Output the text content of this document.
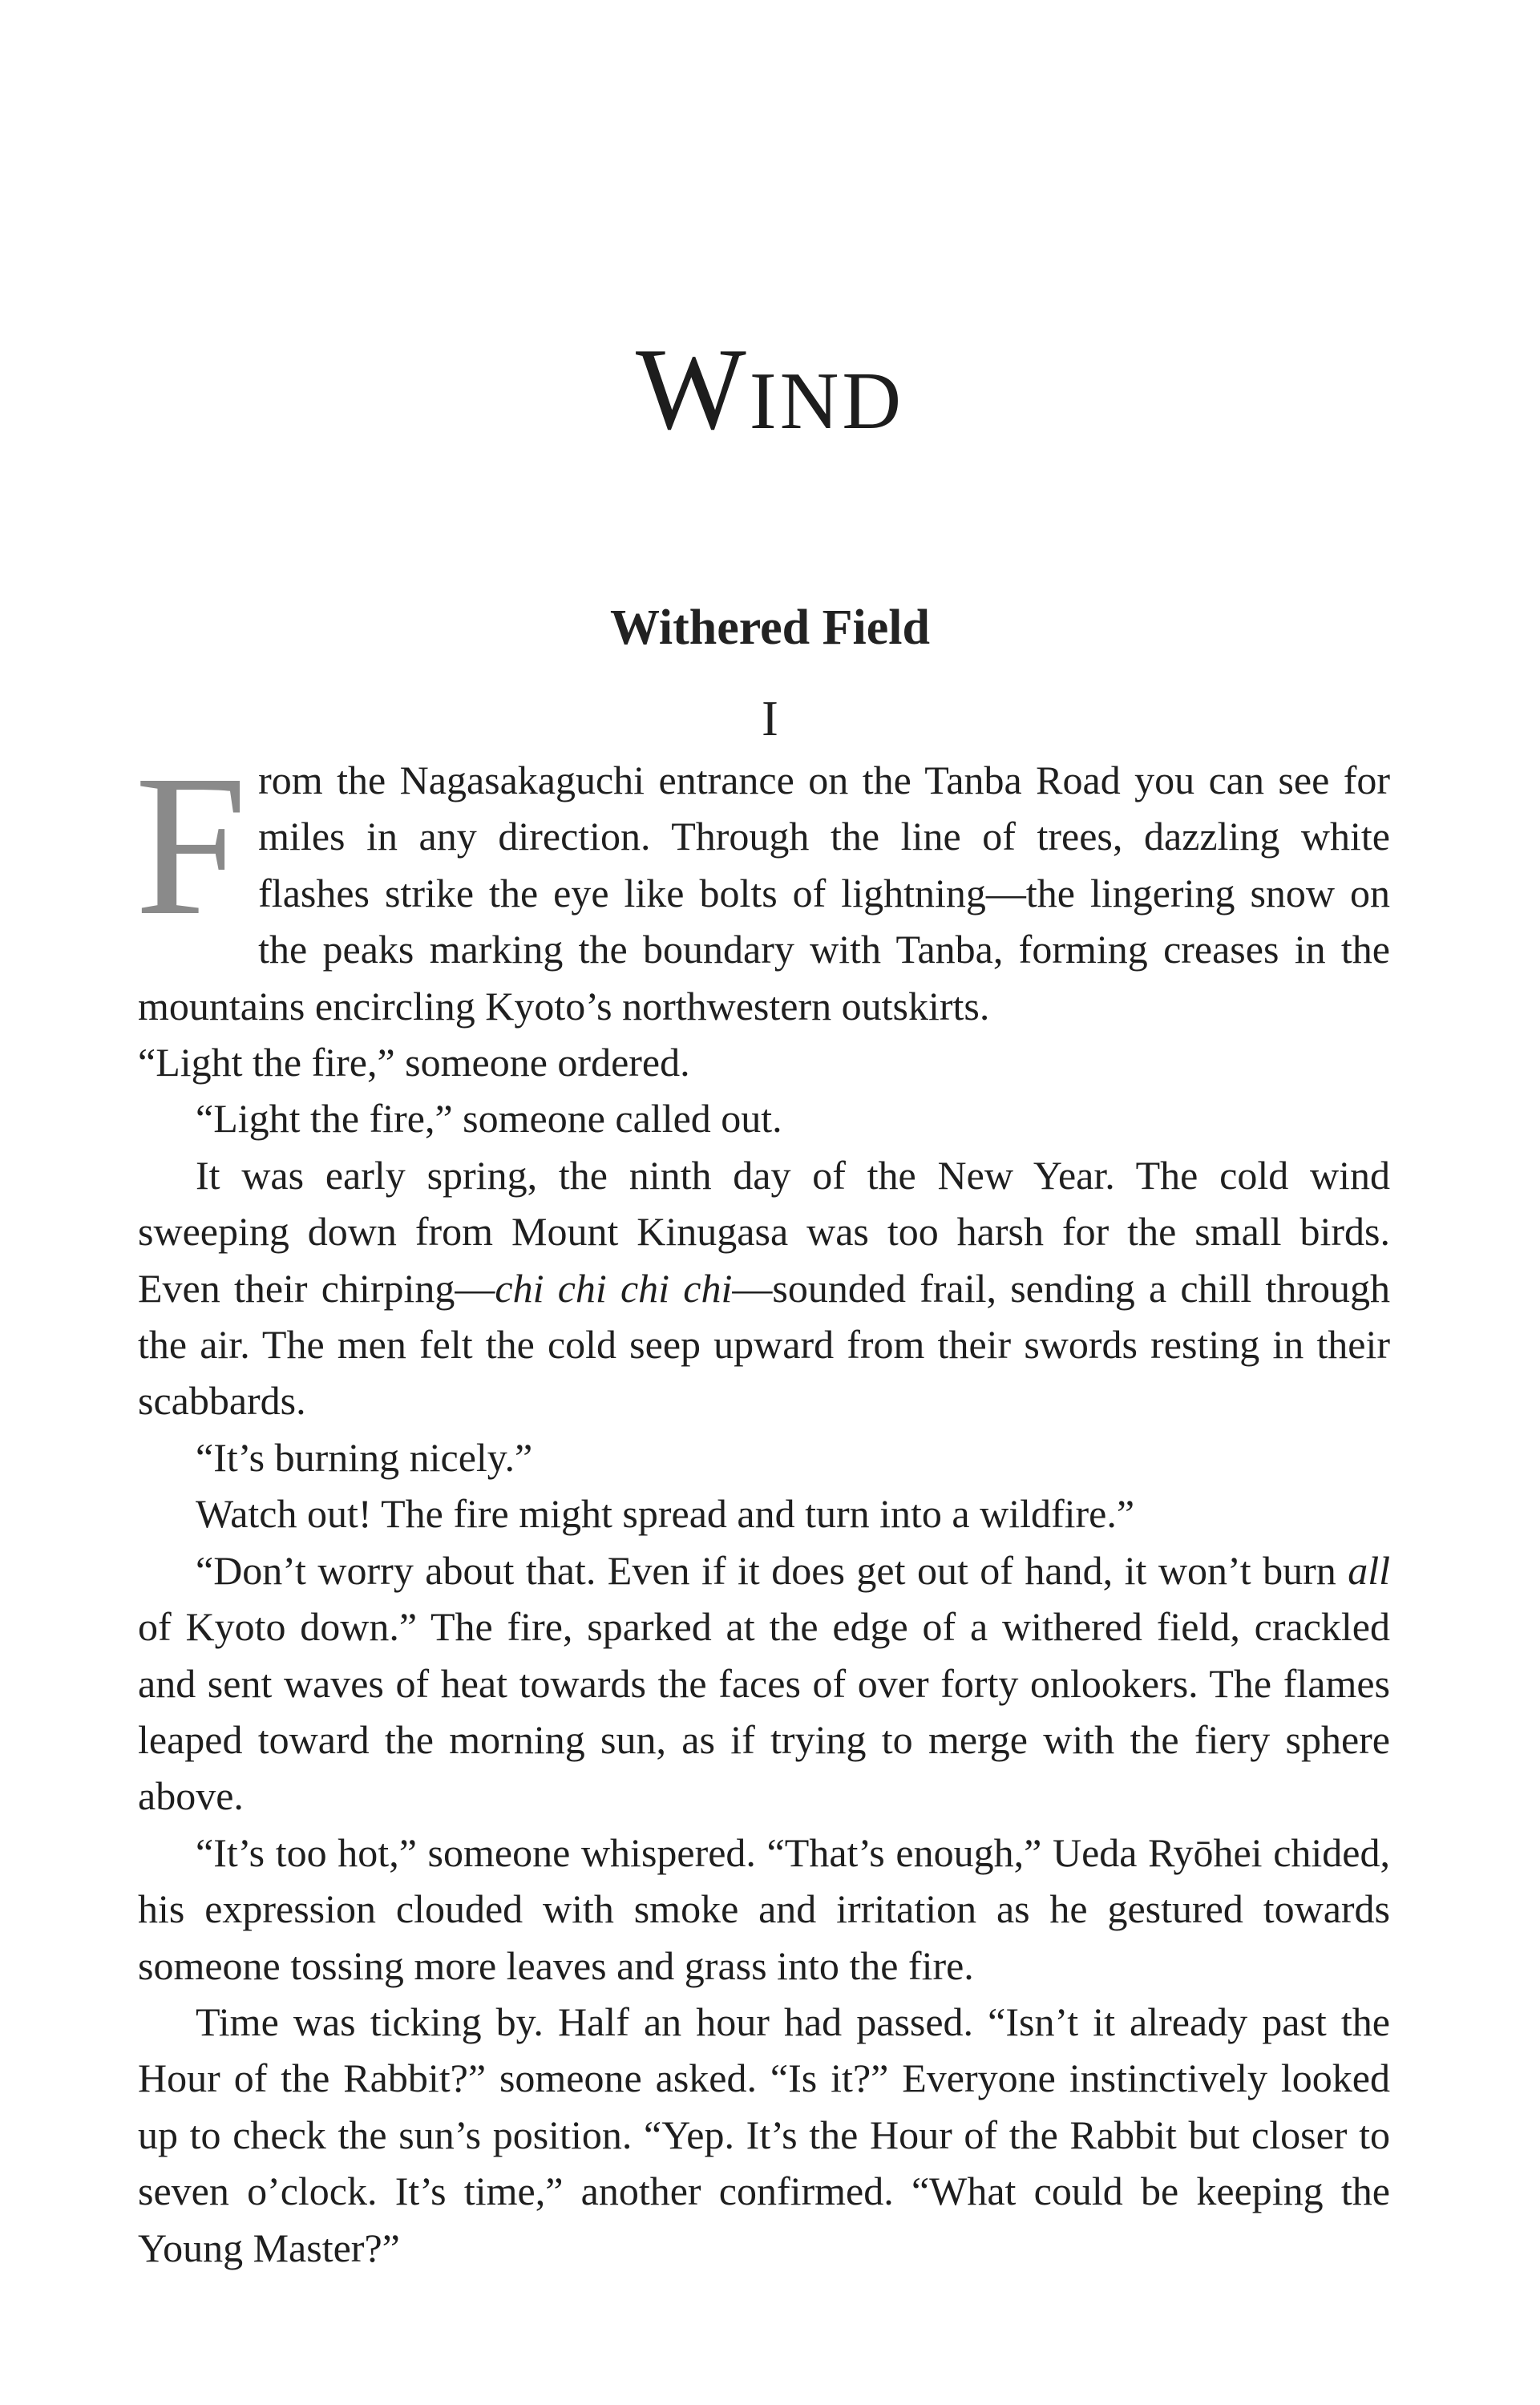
Wind
Withered Field
I

From the Nagasakaguchi entrance on the Tanba Road you can see for miles in any direction. Through the line of trees, dazzling white flashes strike the eye like bolts of lightning—the lingering snow on the peaks marking the boundary with Tanba, forming creases in the mountains encircling Kyoto’s northwestern outskirts.

“Light the fire,” someone ordered.

“Light the fire,” someone called out.

It was early spring, the ninth day of the New Year. The cold wind sweeping down from Mount Kinugasa was too harsh for the small birds. Even their chirping—chi chi chi chi—sounded frail, sending a chill through the air. The men felt the cold seep upward from their swords resting in their scabbards.

“It’s burning nicely.”

Watch out! The fire might spread and turn into a wildfire.”

“Don’t worry about that. Even if it does get out of hand, it won’t burn all of Kyoto down.” The fire, sparked at the edge of a withered field, crackled and sent waves of heat towards the faces of over forty onlookers. The flames leaped toward the morning sun, as if trying to merge with the fiery sphere above.

“It’s too hot,” someone whispered. “That’s enough,” Ueda Ryōhei chided, his expression clouded with smoke and irritation as he gestured towards someone tossing more leaves and grass into the fire.

Time was ticking by. Half an hour had passed. “Isn’t it already past the Hour of the Rabbit?” someone asked. “Is it?” Everyone instinctively looked up to check the sun’s position. “Yep. It’s the Hour of the Rabbit but closer to seven o’clock. It’s time,” another confirmed. “What could be keeping the Young Master?”
